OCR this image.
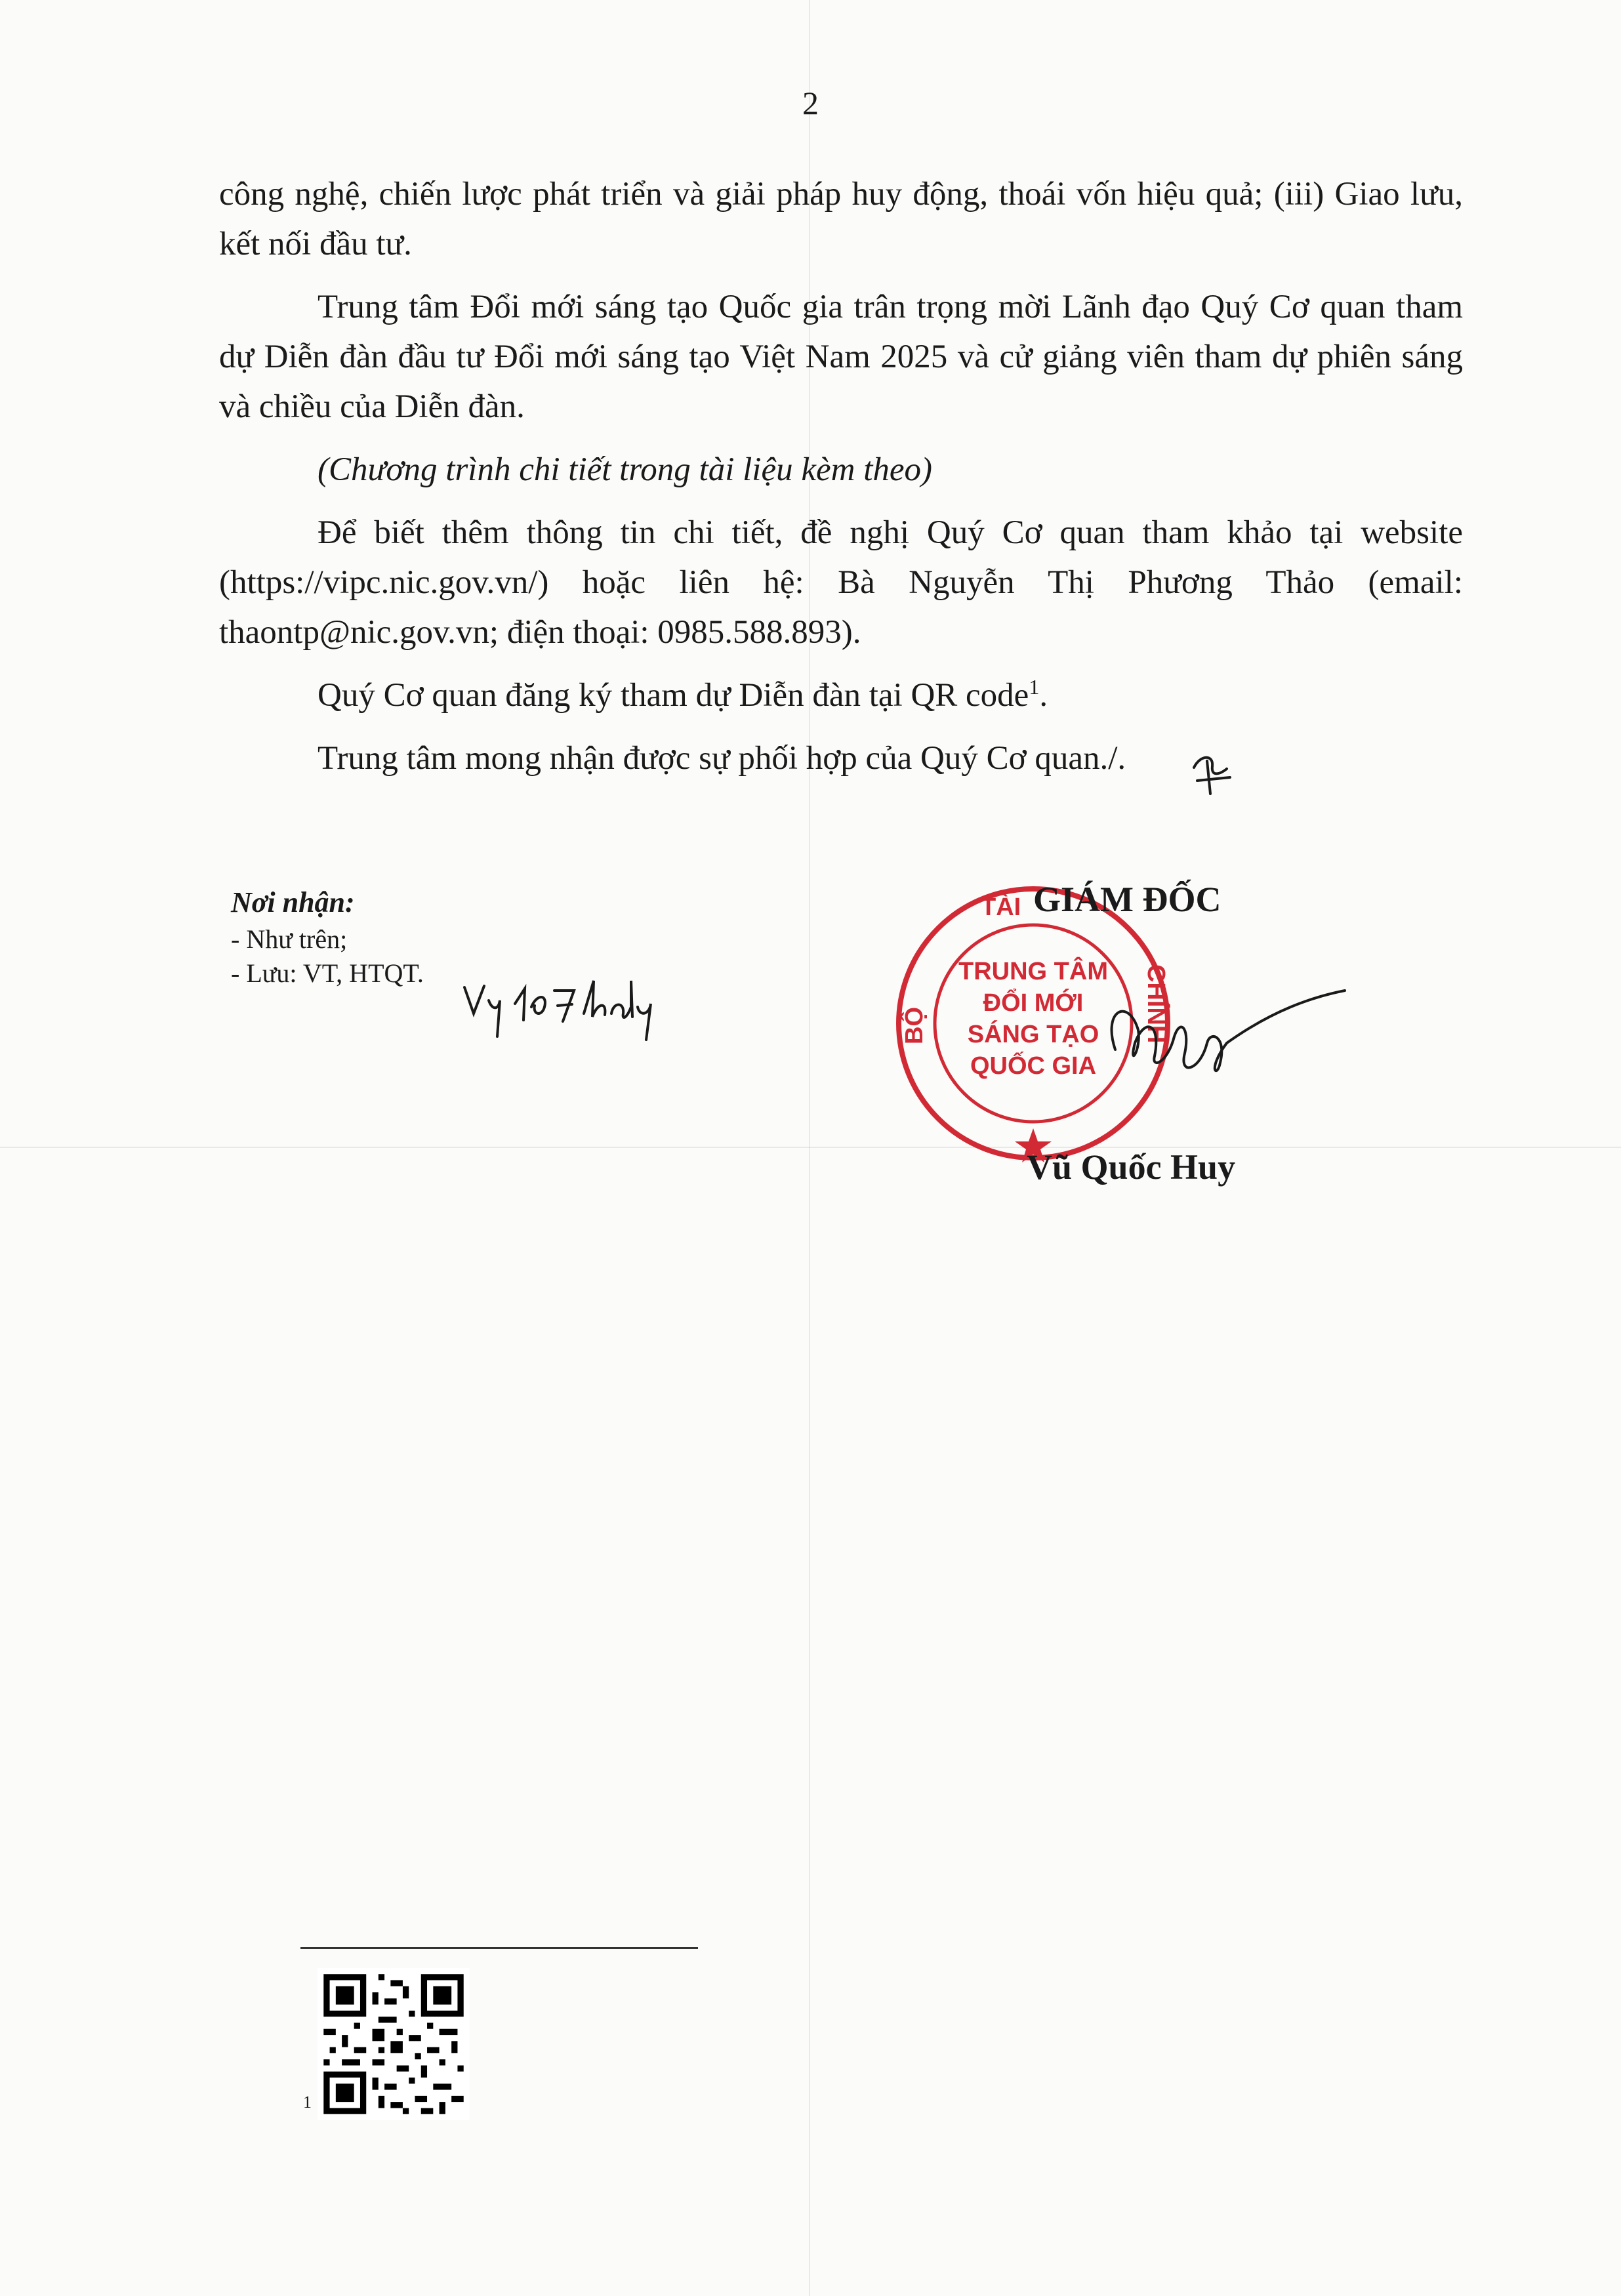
2

công nghệ, chiến lược phát triển và giải pháp huy động, thoái vốn hiệu quả; (iii) Giao lưu, kết nối đầu tư.

Trung tâm Đổi mới sáng tạo Quốc gia trân trọng mời Lãnh đạo Quý Cơ quan tham dự Diễn đàn đầu tư Đổi mới sáng tạo Việt Nam 2025 và cử giảng viên tham dự phiên sáng và chiều của Diễn đàn.

(Chương trình chi tiết trong tài liệu kèm theo)

Để biết thêm thông tin chi tiết, đề nghị Quý Cơ quan tham khảo tại website (https://vipc.nic.gov.vn/) hoặc liên hệ: Bà Nguyễn Thị Phương Thảo (email: thaontp@nic.gov.vn; điện thoại: 0985.588.893).

Quý Cơ quan đăng ký tham dự Diễn đàn tại QR code$^1$.

Trung tâm mong nhận được sự phối hợp của Quý Cơ quan./.

Nơi nhận:
- Như trên;
- Lưu: VT, HTQT.
TÀI
BỘ	CHÍNH
TRUNG TÂM
ĐỔI MỚI
SÁNG TẠO
QUỐC GIA
GIÁM ĐỐC
Vũ Quốc Huy
1
